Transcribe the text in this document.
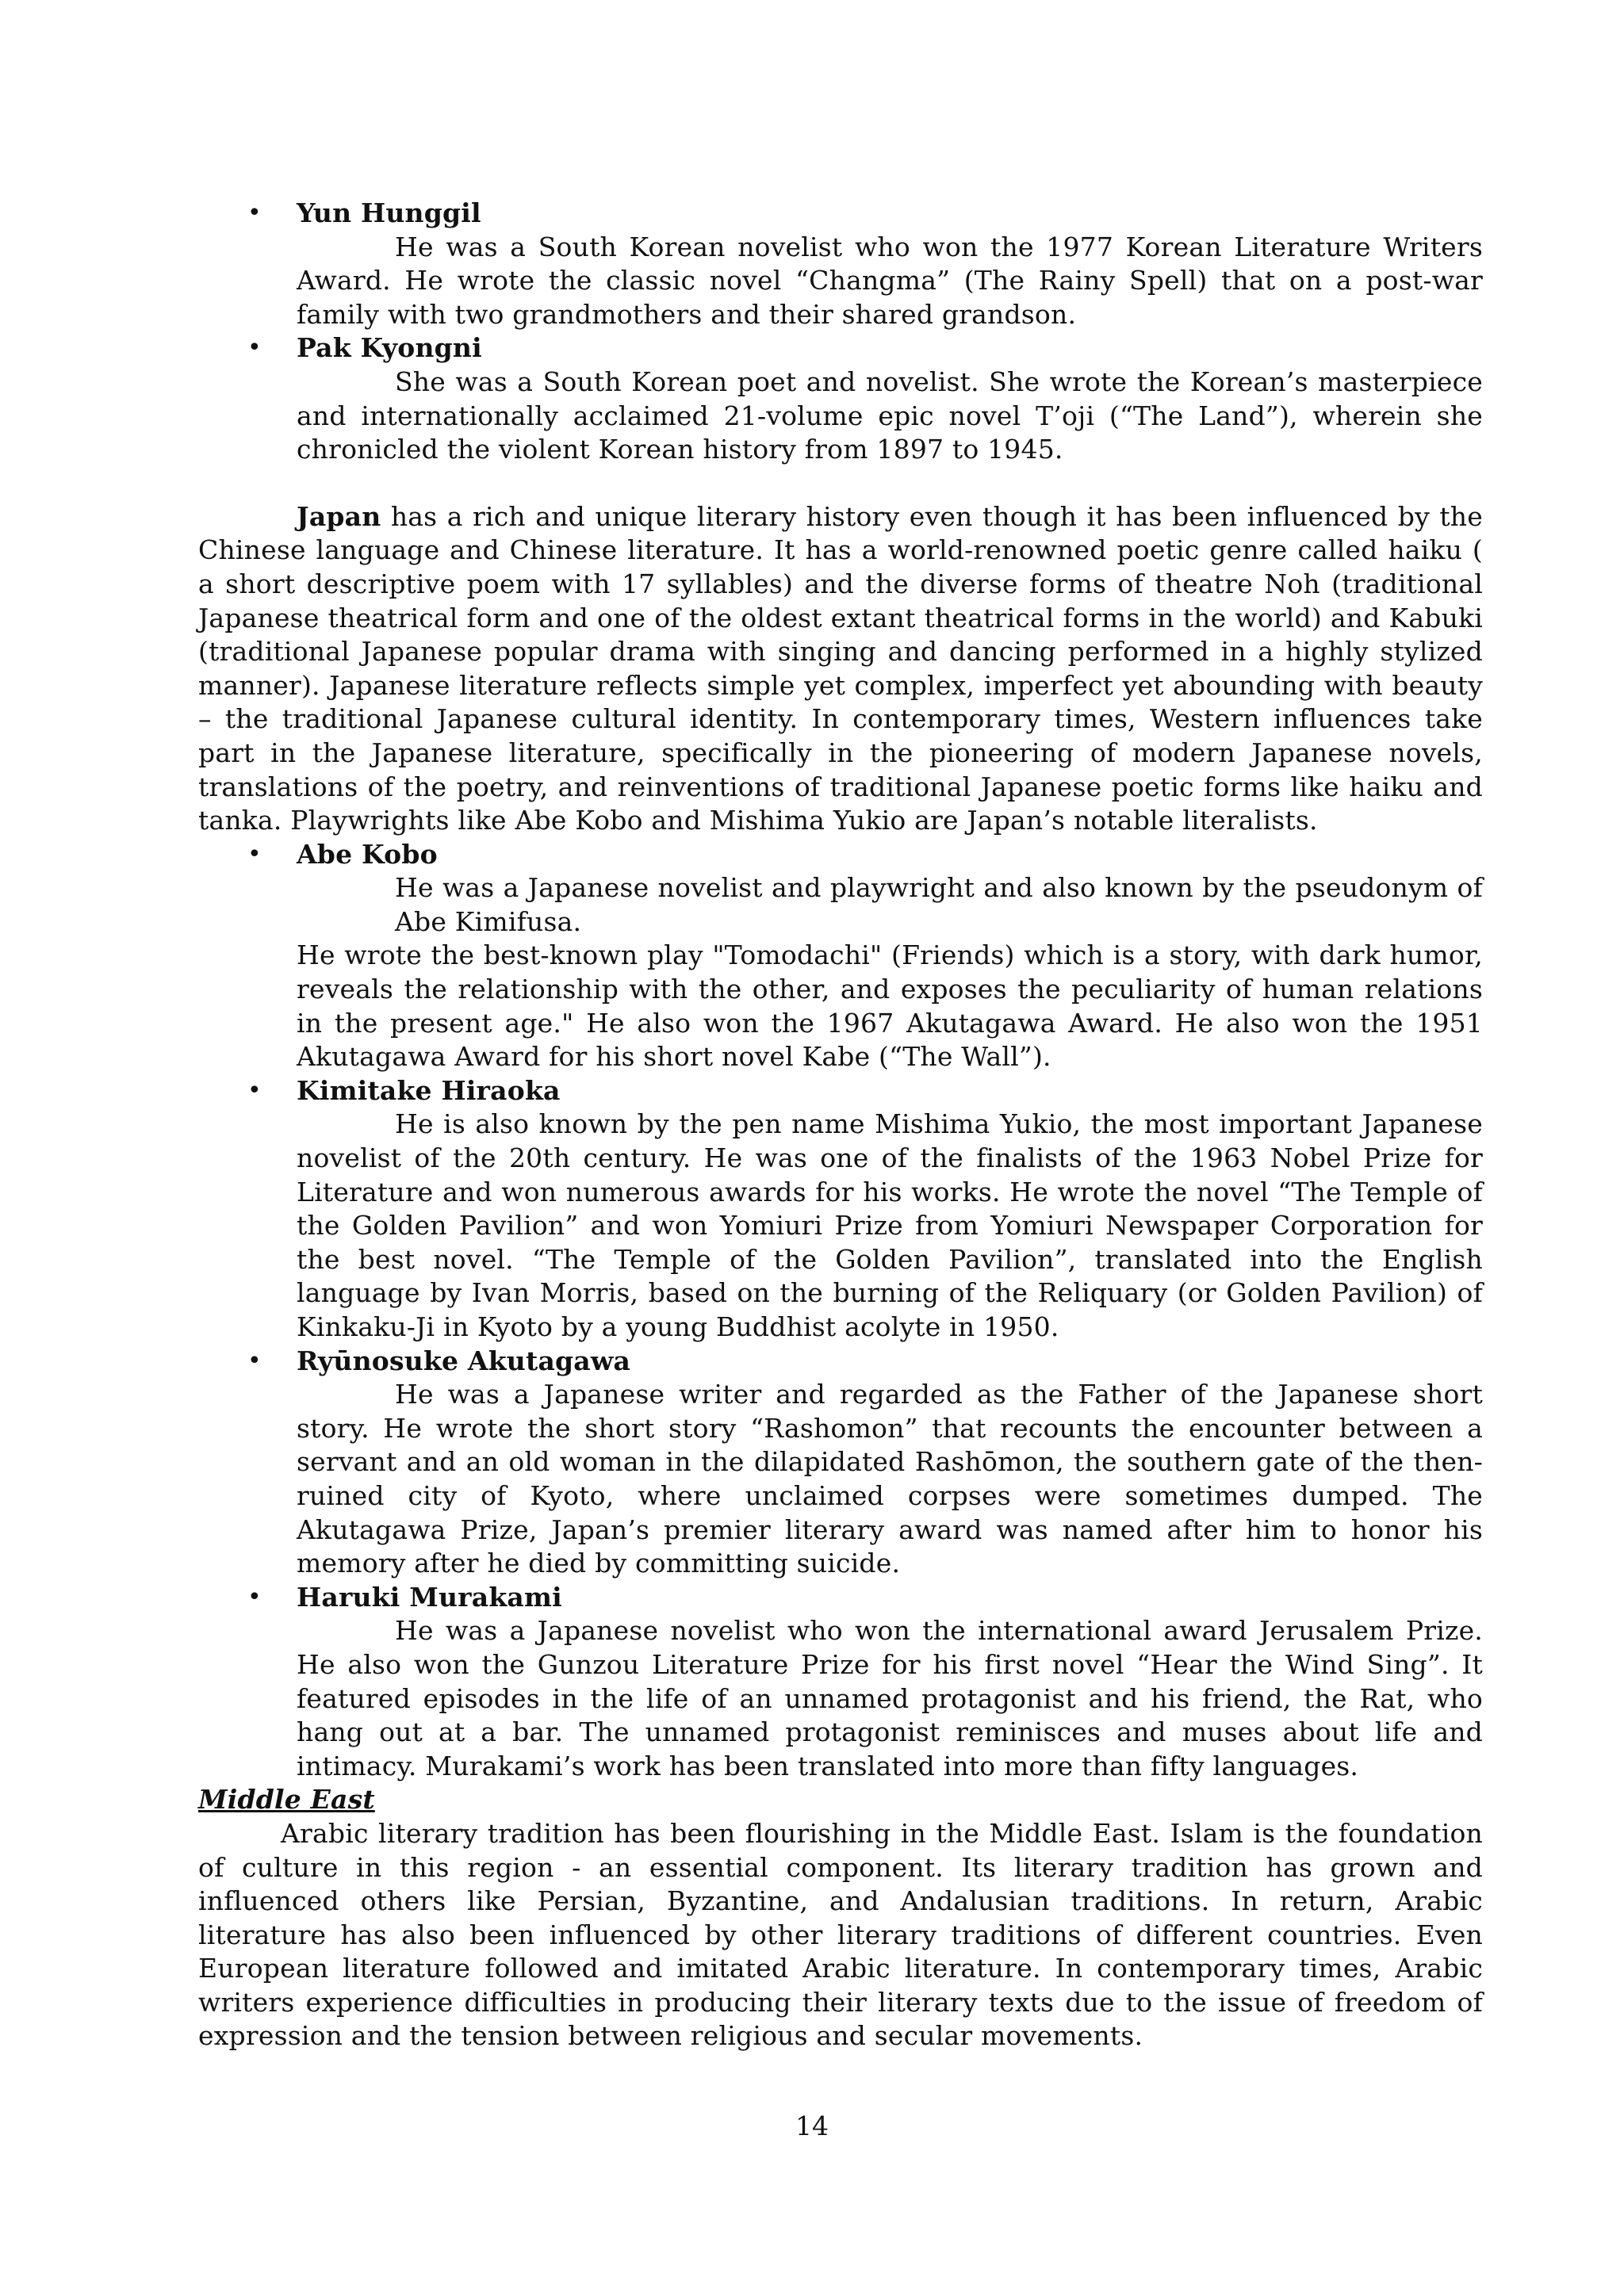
• Yun Hunggil
He was a South Korean novelist who won the 1977 Korean Literature Writers Award. He wrote the classic novel “Changma” (The Rainy Spell) that on a post-war family with two grandmothers and their shared grandson.
• Pak Kyongni
She was a South Korean poet and novelist. She wrote the Korean’s masterpiece and internationally acclaimed 21-volume epic novel T’oji (“The Land”), wherein she chronicled the violent Korean history from 1897 to 1945.

Japan has a rich and unique literary history even though it has been influenced by the Chinese language and Chinese literature. It has a world-renowned poetic genre called haiku ( a short descriptive poem with 17 syllables) and the diverse forms of theatre Noh (traditional Japanese theatrical form and one of the oldest extant theatrical forms in the world) and Kabuki (traditional Japanese popular drama with singing and dancing performed in a highly stylized manner). Japanese literature reflects simple yet complex, imperfect yet abounding with beauty – the traditional Japanese cultural identity. In contemporary times, Western influences take part in the Japanese literature, specifically in the pioneering of modern Japanese novels, translations of the poetry, and reinventions of traditional Japanese poetic forms like haiku and tanka. Playwrights like Abe Kobo and Mishima Yukio are Japan’s notable literalists.

• Abe Kobo
He was a Japanese novelist and playwright and also known by the pseudonym of Abe Kimifusa.
He wrote the best-known play "Tomodachi" (Friends) which is a story, with dark humor, reveals the relationship with the other, and exposes the peculiarity of human relations in the present age." He also won the 1967 Akutagawa Award. He also won the 1951 Akutagawa Award for his short novel Kabe (“The Wall”).
• Kimitake Hiraoka
He is also known by the pen name Mishima Yukio, the most important Japanese novelist of the 20th century. He was one of the finalists of the 1963 Nobel Prize for Literature and won numerous awards for his works. He wrote the novel “The Temple of the Golden Pavilion” and won Yomiuri Prize from Yomiuri Newspaper Corporation for the best novel. “The Temple of the Golden Pavilion”, translated into the English language by Ivan Morris, based on the burning of the Reliquary (or Golden Pavilion) of Kinkaku-Ji in Kyoto by a young Buddhist acolyte in 1950.
• Ryūnosuke Akutagawa
He was a Japanese writer and regarded as the Father of the Japanese short story. He wrote the short story “Rashomon” that recounts the encounter between a servant and an old woman in the dilapidated Rashōmon, the southern gate of the then-ruined city of Kyoto, where unclaimed corpses were sometimes dumped. The Akutagawa Prize, Japan’s premier literary award was named after him to honor his memory after he died by committing suicide.
• Haruki Murakami
He was a Japanese novelist who won the international award Jerusalem Prize. He also won the Gunzou Literature Prize for his first novel “Hear the Wind Sing”. It featured episodes in the life of an unnamed protagonist and his friend, the Rat, who hang out at a bar. The unnamed protagonist reminisces and muses about life and intimacy. Murakami’s work has been translated into more than fifty languages.

Middle East

Arabic literary tradition has been flourishing in the Middle East. Islam is the foundation of culture in this region - an essential component. Its literary tradition has grown and influenced others like Persian, Byzantine, and Andalusian traditions. In return, Arabic literature has also been influenced by other literary traditions of different countries. Even European literature followed and imitated Arabic literature. In contemporary times, Arabic writers experience difficulties in producing their literary texts due to the issue of freedom of expression and the tension between religious and secular movements.

14
